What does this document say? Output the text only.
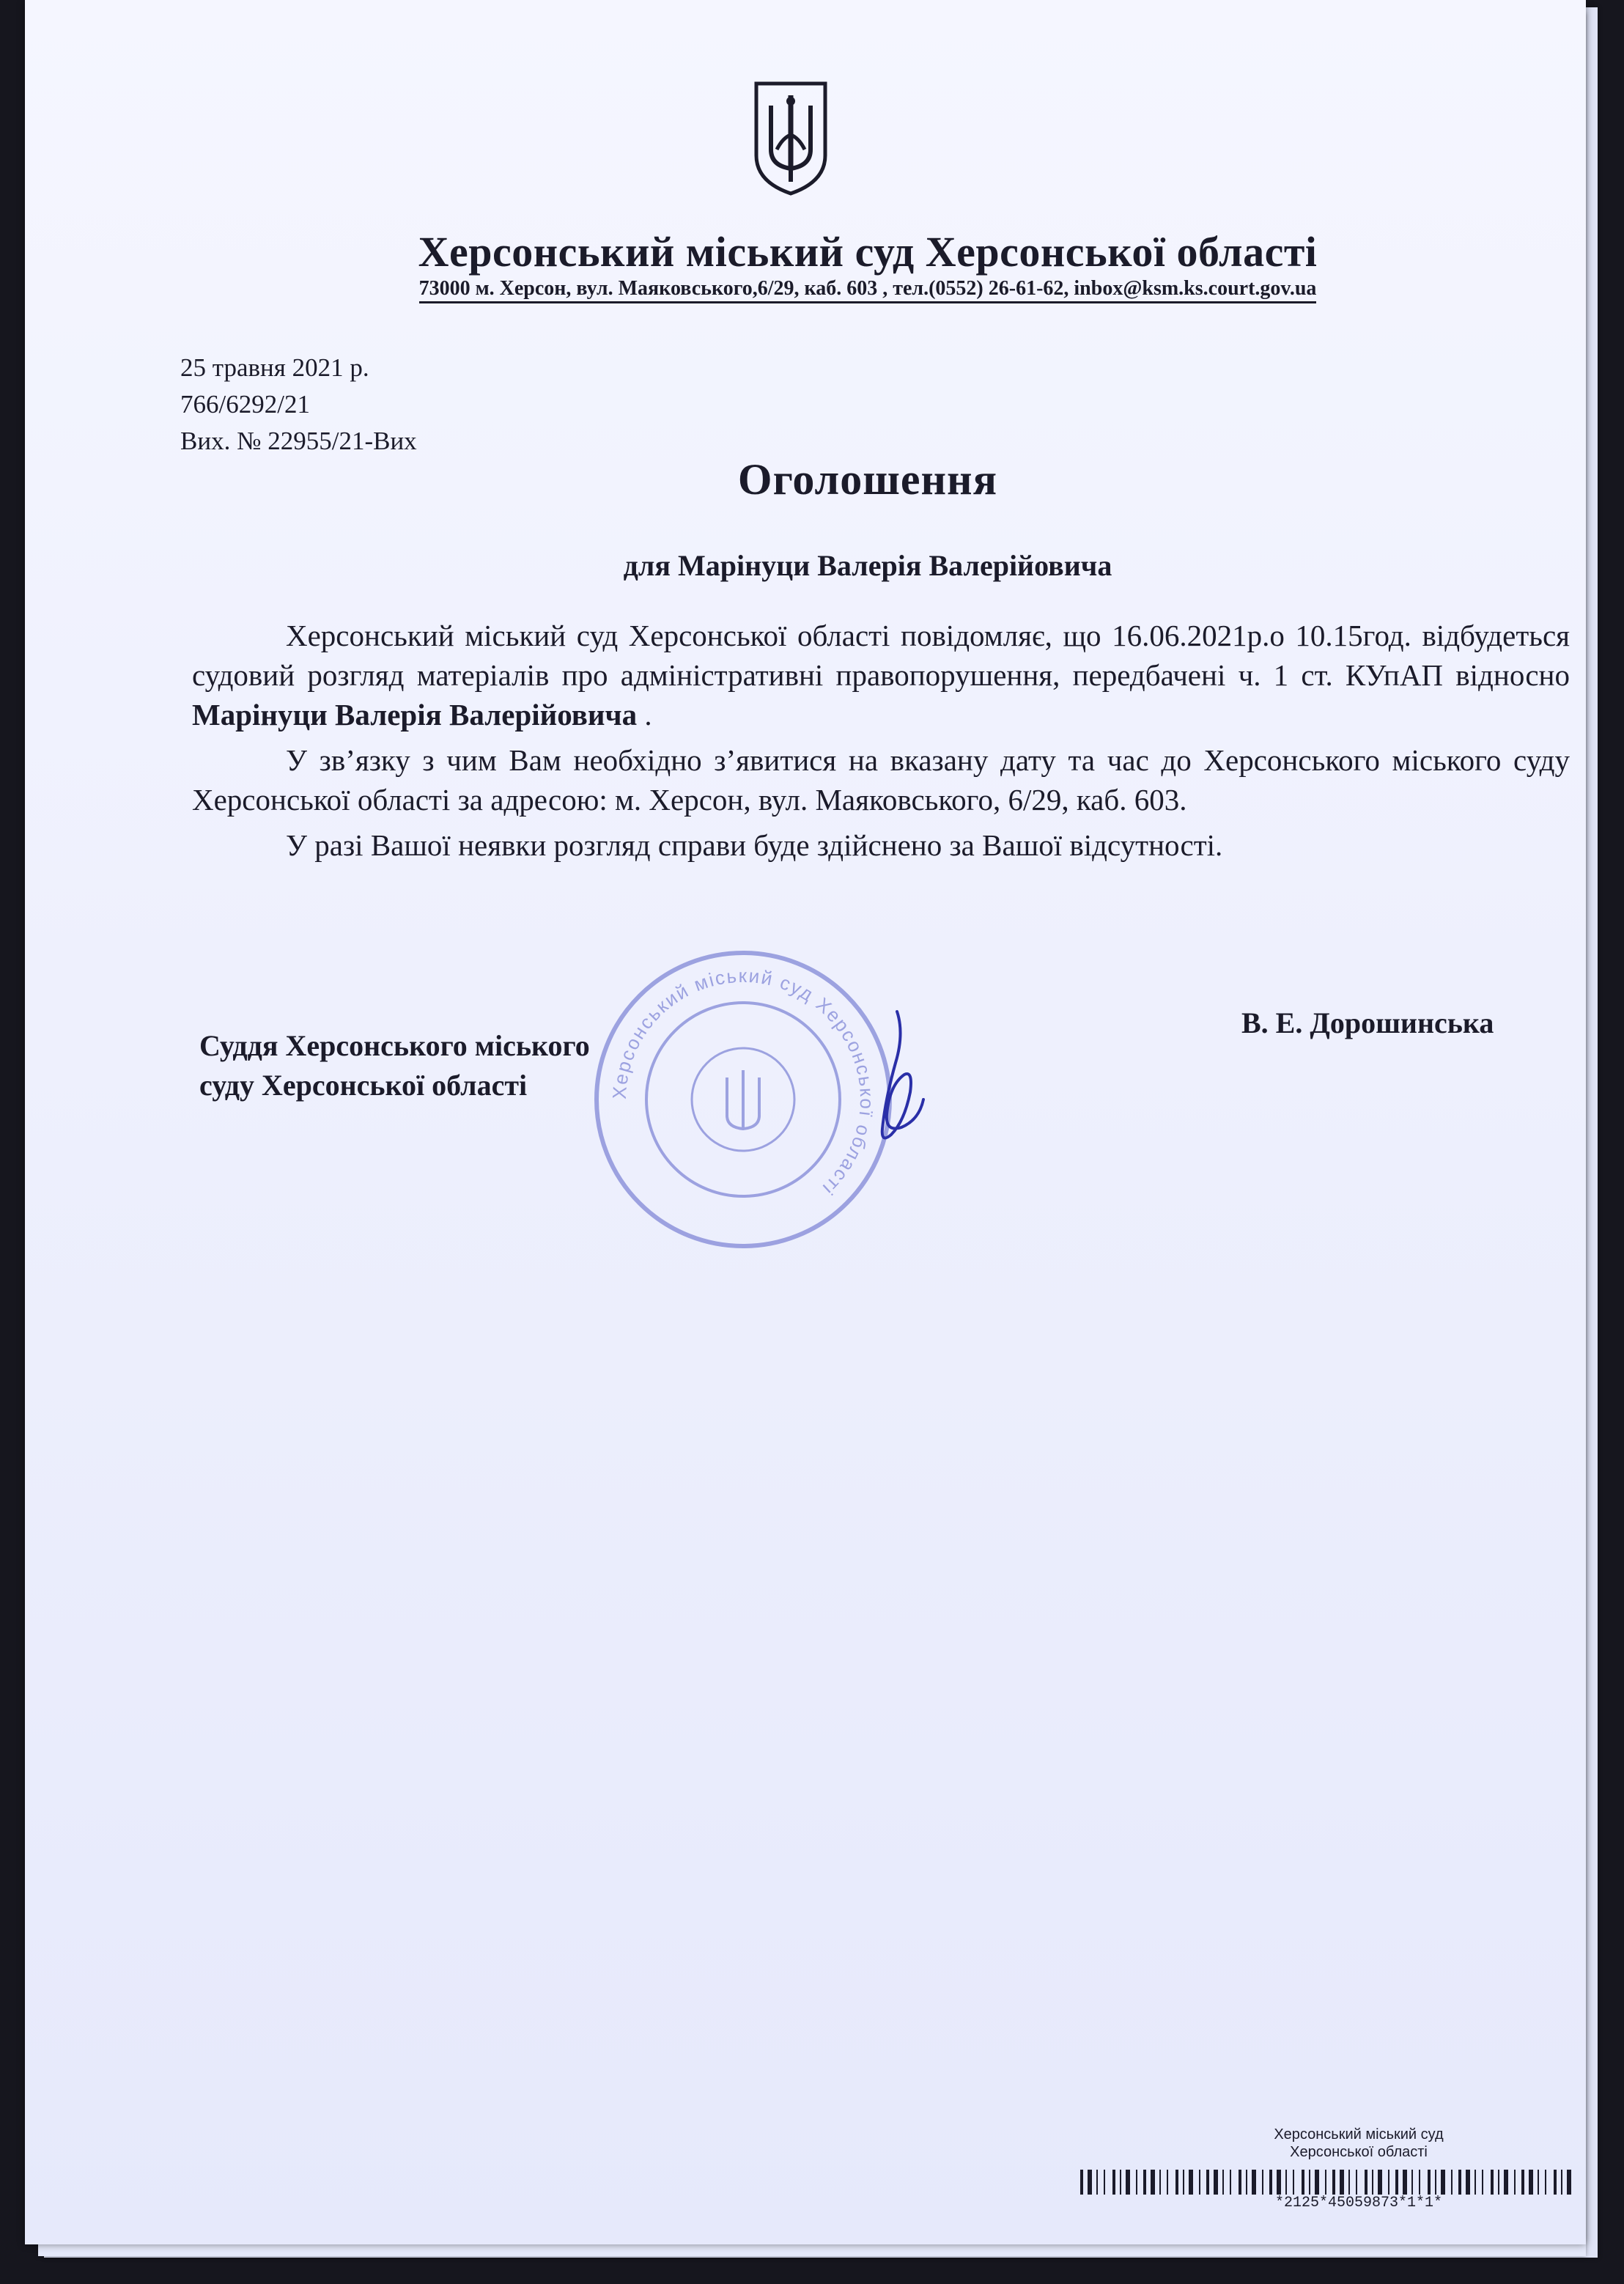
Херсонський міський суд Херсонської області
73000 м. Херсон, вул. Маяковського,6/29, каб. 603 , тел.(0552) 26-61-62, inbox@ksm.ks.court.gov.ua
25 травня 2021 р.
766/6292/21
Вих. № 22955/21-Вих
Оголошення
для Марінуци Валерія Валерійовича

Херсонський міський суд Херсонської області повідомляє, що 16.06.2021р.о 10.15год. відбудеться судовий розгляд матеріалів про адміністративні правопорушення, передбачені ч. 1 ст. КУпАП відносно Марінуци Валерія Валерійовича .

У зв’язку з чим Вам необхідно з’явитися на вказану дату та час до Херсонського міського суду Херсонської області за адресою: м. Херсон, вул. Маяковського, 6/29, каб. 603.

У разі Вашої неявки розгляд справи буде здійснено за Вашої відсутності.

Херсонський міський суд Херсонської області
Суддя Херсонського міського
суду Херсонської області
В. Е. Дорошинська
Херсонський міський суд
Херсонської області
*2125*45059873*1*1*
